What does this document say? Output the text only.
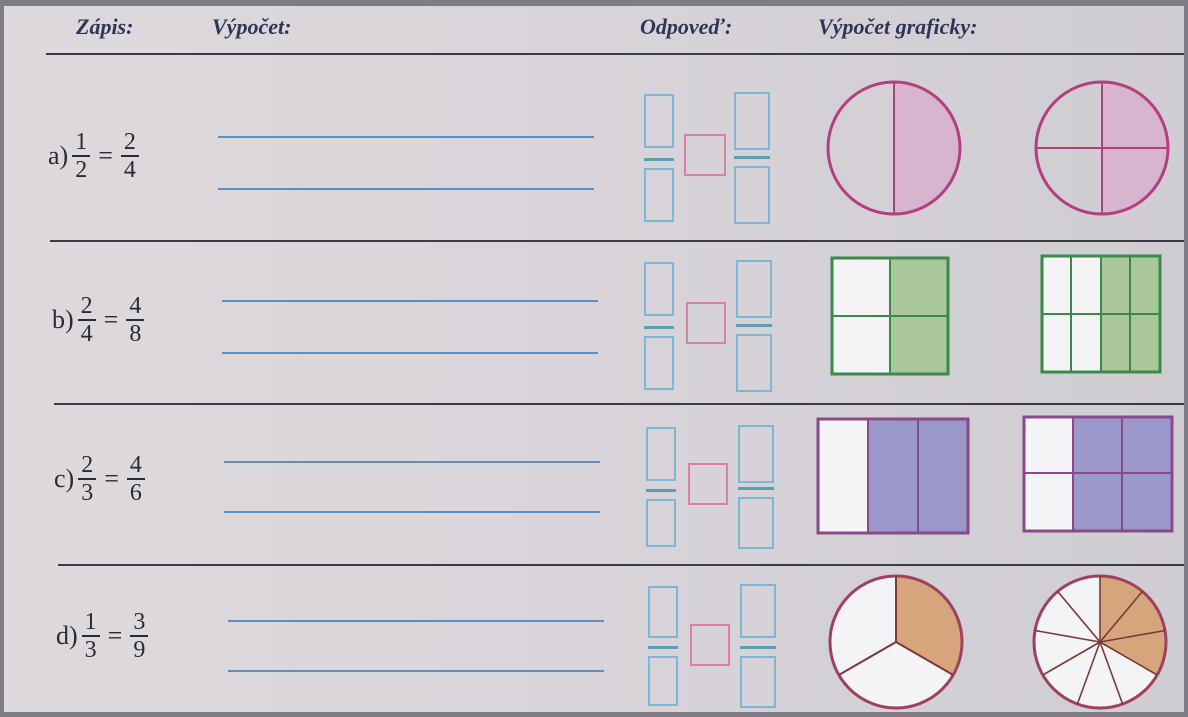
Zápis:	Výpočet:	Odpoveď:	Výpočet graficky:
$a) \frac{1}{2} = \frac{2}{4}$
$b) \frac{2}{4} = \frac{4}{8}$
$c) \frac{2}{3} = \frac{4}{6}$
$d) \frac{1}{3} = \frac{3}{9}$
